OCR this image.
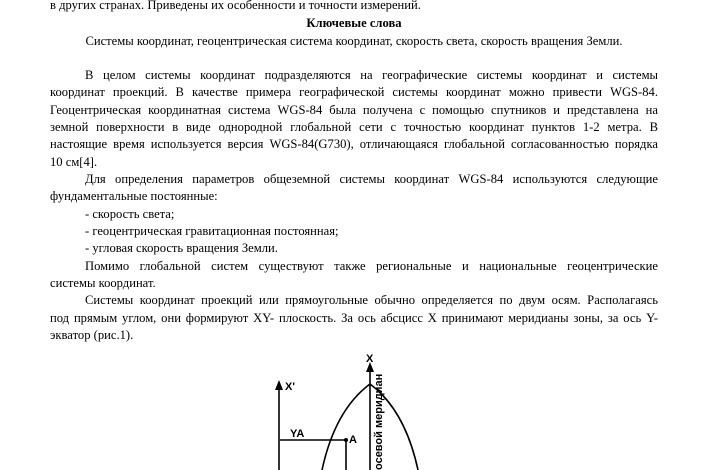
в других странах. Приведены их особенности и точности измерений.
Ключевые слова
Системы координат, геоцентрическая система координат, скорость света, скорость вращения Земли.
В целом системы координат подразделяются на географические системы координат и системы
координат проекций. В качестве примера географической системы координат можно привести WGS-84.
Геоцентрическая координатная система WGS-84 была получена с помощью спутников и представлена на
земной поверхности в виде однородной глобальной сети с точностью координат пунктов 1-2 метра. В
настоящие время используется версия WGS-84(G730), отличающаяся глобальной согласованностью порядка
10 см[4].
Для определения параметров общеземной системы координат WGS-84 используются следующие
фундаментальные постоянные:
- скорость света;
- геоцентрическая гравитационная постоянная;
- угловая скорость вращения Земли.
Помимо глобальной систем существуют также региональные и национальные геоцентрические
системы координат.
Системы координат проекций или прямоугольные обычно определяется по двум осям. Располагаясь
под прямым углом, они формируют XY- плоскость. За ось абсцисс X принимают меридианы зоны, за ось Y-
экватор (рис.1).
X'
X
YA	A осевой меридиан
